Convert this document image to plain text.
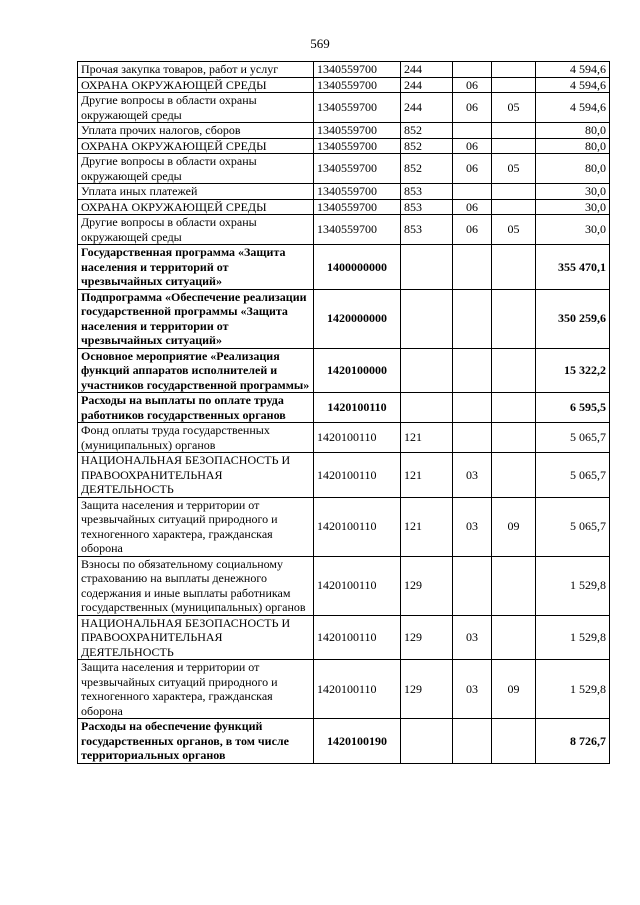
569
Прочая закупка товаров, работ и услуг	1340559700	244			4 594,6
ОХРАНА ОКРУЖАЮЩЕЙ СРЕДЫ	1340559700	244	06		4 594,6
Другие вопросы в области охраны окружающей среды	1340559700	244	06	05	4 594,6
Уплата прочих налогов, сборов	1340559700	852			80,0
ОХРАНА ОКРУЖАЮЩЕЙ СРЕДЫ	1340559700	852	06		80,0
Другие вопросы в области охраны окружающей среды	1340559700	852	06	05	80,0
Уплата иных платежей	1340559700	853			30,0
ОХРАНА ОКРУЖАЮЩЕЙ СРЕДЫ	1340559700	853	06		30,0
Другие вопросы в области охраны окружающей среды	1340559700	853	06	05	30,0
Государственная программа «Защита населения и территорий от чрезвычайных ситуаций»	1400000000				355 470,1
Подпрограмма «Обеспечение реализации государственной программы «Защита населения и территории от чрезвычайных ситуаций»	1420000000				350 259,6
Основное мероприятие «Реализация функций аппаратов исполнителей и участников государственной программы»	1420100000				15 322,2
Расходы на выплаты по оплате труда работников государственных органов	1420100110				6 595,5
Фонд оплаты труда государственных (муниципальных) органов	1420100110	121			5 065,7
НАЦИОНАЛЬНАЯ БЕЗОПАСНОСТЬ И ПРАВООХРАНИТЕЛЬНАЯ ДЕЯТЕЛЬНОСТЬ	1420100110	121	03		5 065,7
Защита населения и территории от чрезвычайных ситуаций природного и техногенного характера, гражданская оборона	1420100110	121	03	09	5 065,7
Взносы по обязательному социальному страхованию на выплаты денежного содержания и иные выплаты работникам государственных (муниципальных) органов	1420100110	129			1 529,8
НАЦИОНАЛЬНАЯ БЕЗОПАСНОСТЬ И ПРАВООХРАНИТЕЛЬНАЯ ДЕЯТЕЛЬНОСТЬ	1420100110	129	03		1 529,8
Защита населения и территории от чрезвычайных ситуаций природного и техногенного характера, гражданская оборона	1420100110	129	03	09	1 529,8
Расходы на обеспечение функций государственных органов, в том числе территориальных органов	1420100190				8 726,7
